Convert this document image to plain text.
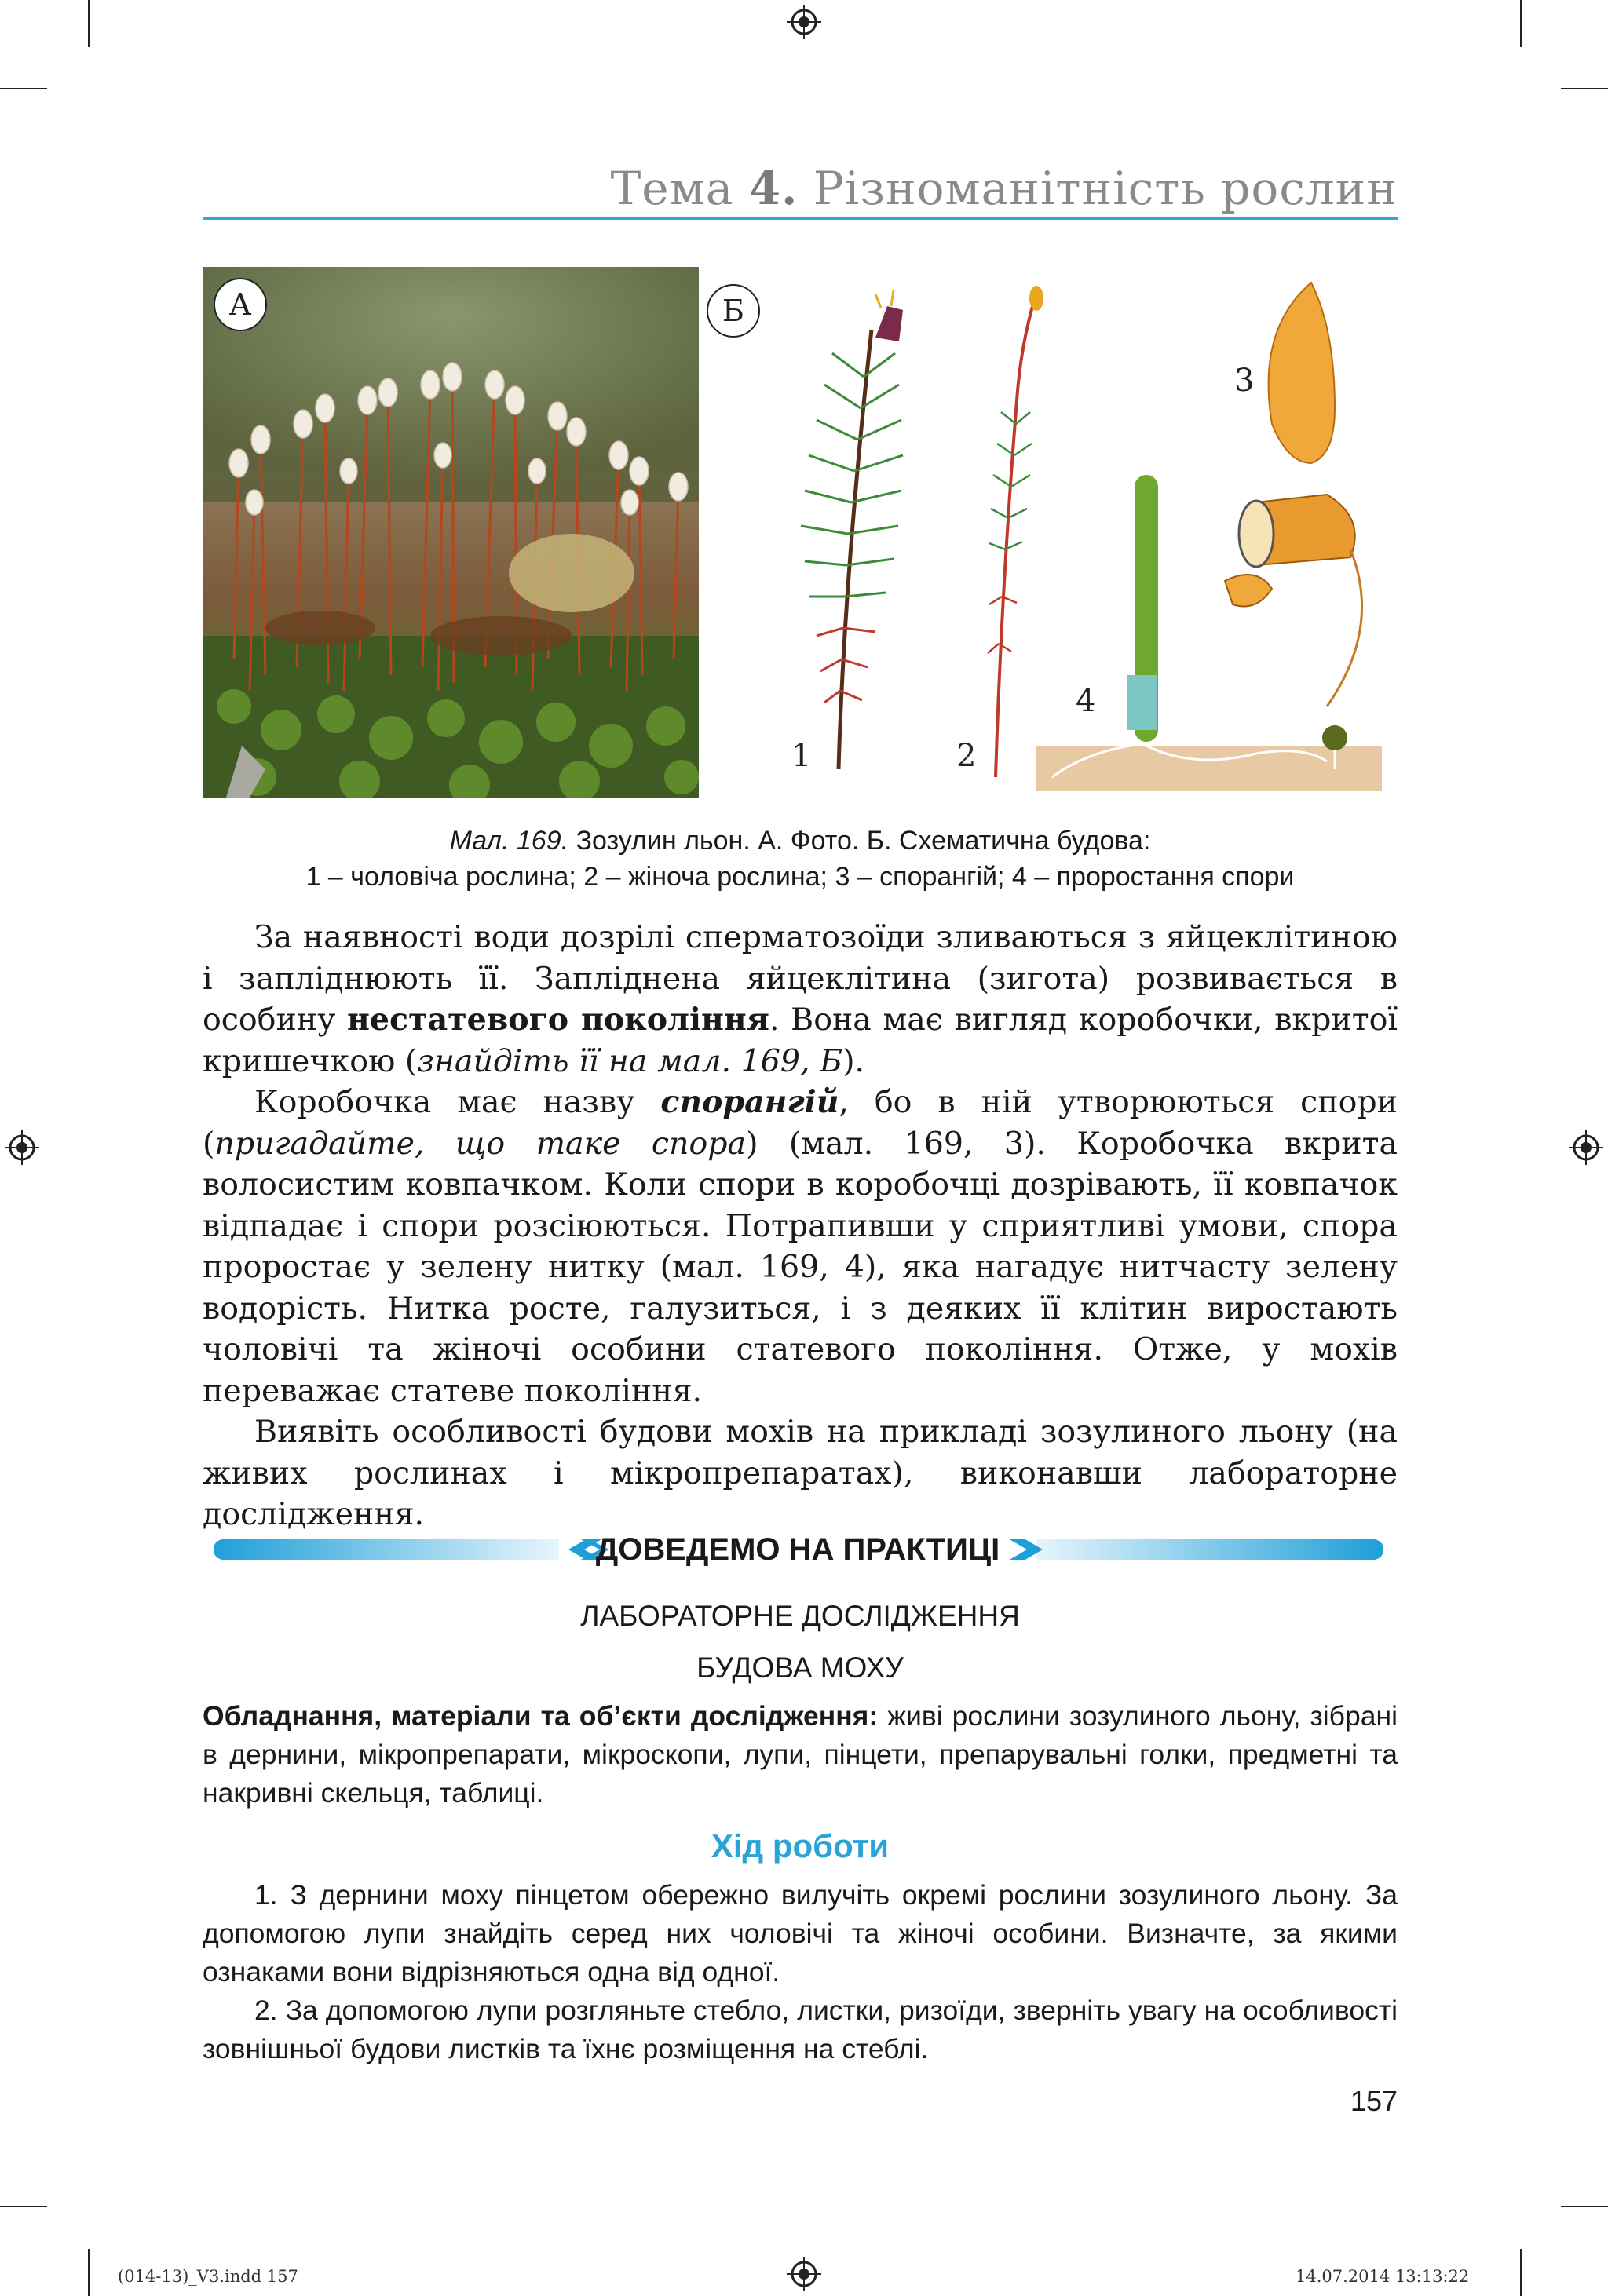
Тема 4. Різноманітність рослин
А	Б
1	2
3
4
Мал. 169. Зозулин льон. А. Фото. Б. Схематична будова:
1 – чоловіча рослина; 2 – жіноча рослина; 3 – спорангій; 4 – проростання спори

За наявності води дозрілі сперматозоїди зливаються з яйцеклітиною і запліднюють її. Запліднена яйцеклітина (зигота) розвивається в особину нестатевого покоління. Вона має вигляд коробочки, вкритої кришечкою (знайдіть її на мал. 169, Б).

Коробочка має назву спорангій, бо в ній утворюються спори (пригадайте, що таке спора) (мал. 169, 3). Коробочка вкрита волосистим ковпачком. Коли спори в коробочці дозрівають, її ковпачок відпадає і спори розсіюються. Потрапивши у сприятливі умови, спора проростає у зелену нитку (мал. 169, 4), яка нагадує нитчасту зелену водорість. Нитка росте, галузиться, і з деяких її клітин виростають чоловічі та жіночі особини статевого покоління. Отже, у мохів переважає статеве покоління.

Виявіть особливості будови мохів на прикладі зозулиного льону (на живих рослинах і мікропрепаратах), виконавши лабораторне дослідження.

ДОВЕДЕМО НА ПРАКТИЦІ
ЛАБОРАТОРНЕ ДОСЛІДЖЕННЯ
БУДОВА МОХУ
Обладнання, матеріали та об’єкти дослідження: живі рослини зозулиного льону, зібрані в дернини, мікропрепарати, мікроскопи, лупи, пінцети, препарувальні голки, предметні та накривні скельця, таблиці.
Хід роботи

1. З дернини моху пінцетом обережно вилучіть окремі рослини зозулиного льону. За допомогою лупи знайдіть серед них чоловічі та жіночі особини. Визначте, за якими ознаками вони відрізняються одна від одної.

2. За допомогою лупи розгляньте стебло, листки, ризоїди, зверніть увагу на особливості зовнішньої будови листків та їхнє розміщення на стеблі.

157
(014-13)_V3.indd 157	14.07.2014 13:13:22
